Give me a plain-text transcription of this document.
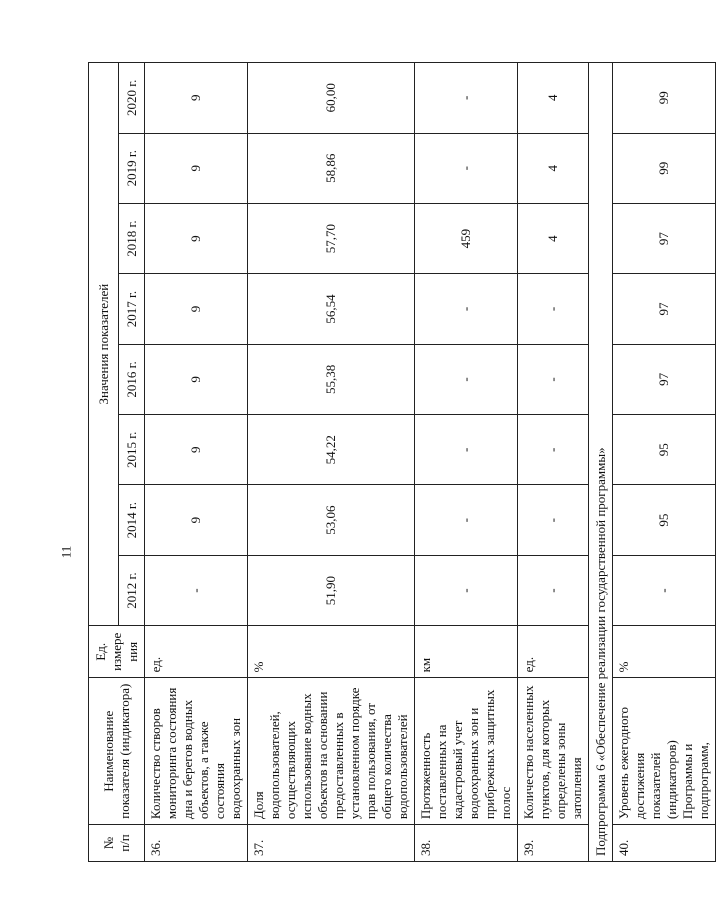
11
№ п/п	Наименование показателя (индикатора)	Ед. измере ния	Значения показателей							
			2012 г.	2014 г.	2015 г.	2016 г.	2017 г.	2018 г.	2019 г.	2020 г.
36.	Количество створов мониторинга состояния дна и берегов водных объектов, а также состояния водоохранных зон	ед.	-	9	9	9	9	9	9	9
37.	Доля водопользователей, осуществляющих использование водных объектов на основании предоставленных в установленном порядке прав пользования, от общего количества водопользователей	%	51,90	53,06	54,22	55,38	56,54	57,70	58,86	60,00
38.	Протяженность поставленных на кадастровый учет водоохранных зон и прибрежных защитных полос	км	-	-	-	-	-	459	-	-
39.	Количество населенных пунктов, для которых определены зоны затопления	ед.	-	-	-	-	-	4	4	4
Подпрограмма 6 «Обеспечение реализации государственной программы»										
40.	Уровень ежегодного достижения показателей (индикаторов) Программы и подпрограмм,	%	-	95	95	97	97	97	99	99
